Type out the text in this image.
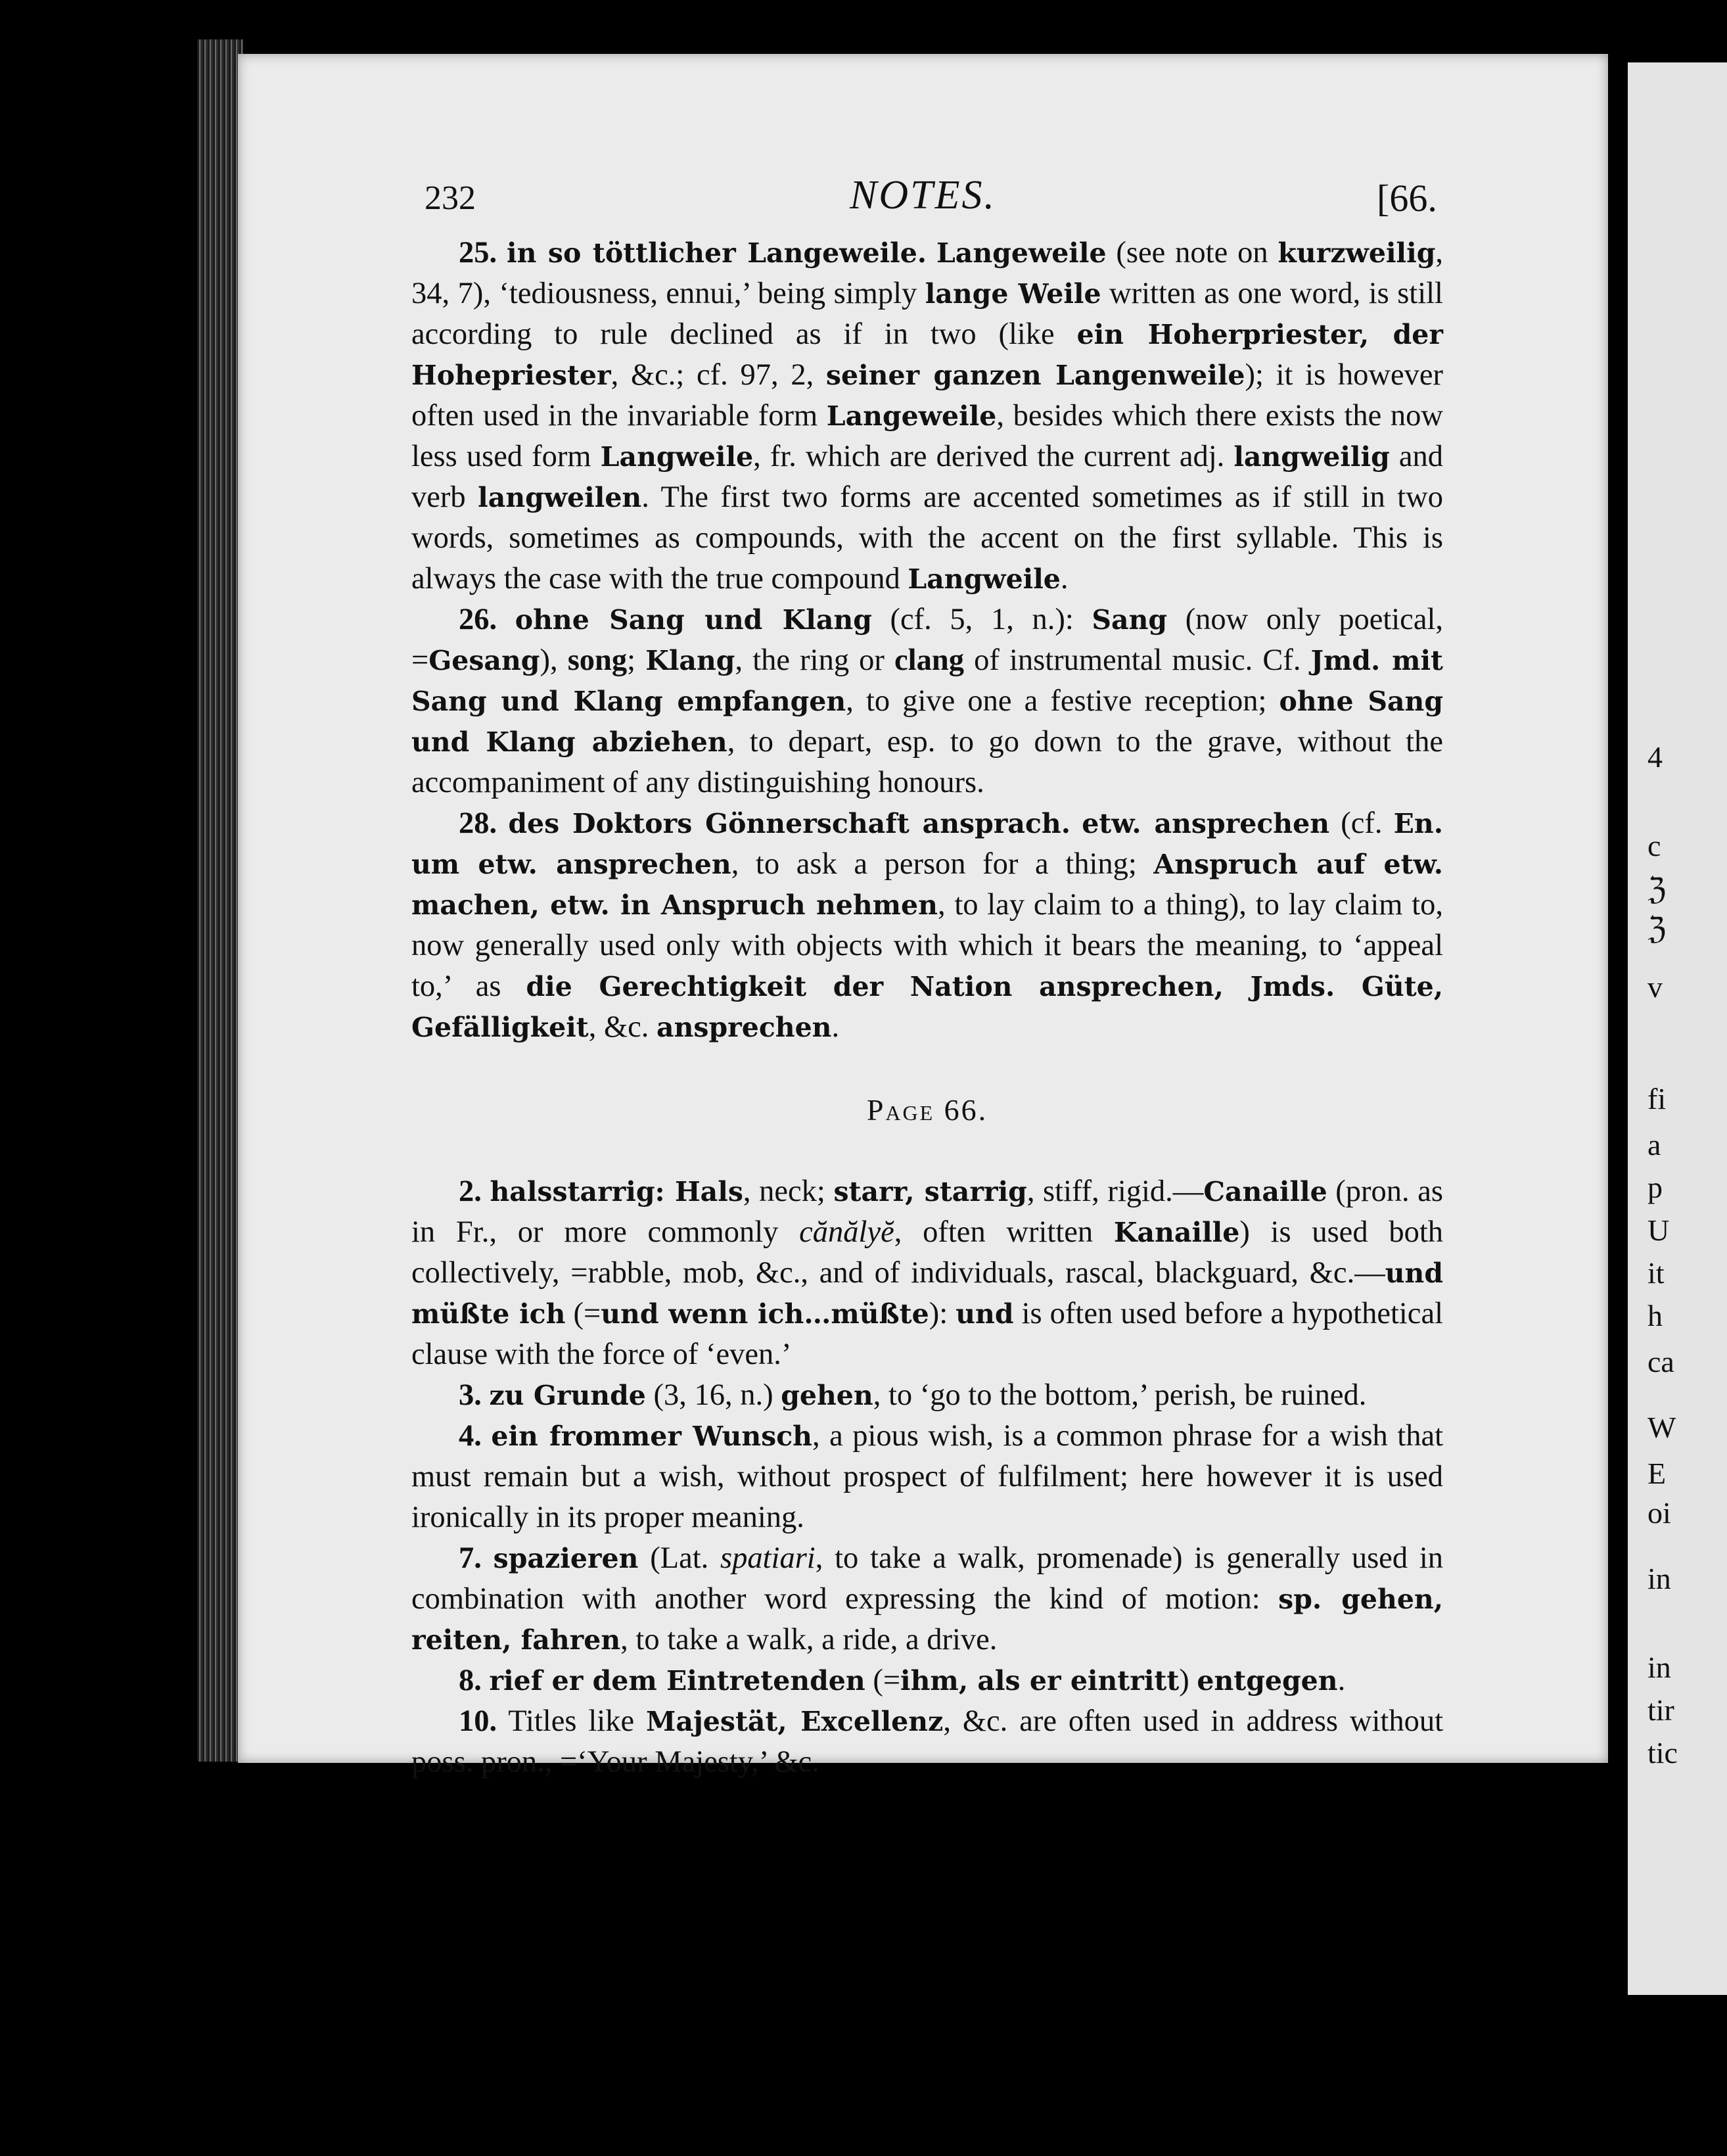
232	NOTES.	[66.

25. in so töttlicher Langeweile. Langeweile (see note on kurzweilig, 34, 7), ‘tediousness, ennui,’ being simply lange Weile written as one word, is still according to rule declined as if in two (like ein Hoherpriester, der Hohepriester, &c.; cf. 97, 2, seiner ganzen Langenweile); it is however often used in the invariable form Langeweile, besides which there exists the now less used form Langweile, fr. which are derived the current adj. langweilig and verb langweilen. The first two forms are accented sometimes as if still in two words, sometimes as compounds, with the accent on the first syllable. This is always the case with the true compound Langweile.

26. ohne Sang und Klang (cf. 5, 1, n.): Sang (now only poetical, =Gesang), song; Klang, the ring or clang of instrumental music. Cf. Jmd. mit Sang und Klang empfangen, to give one a festive reception; ohne Sang und Klang abziehen, to depart, esp. to go down to the grave, without the accompaniment of any distinguishing honours.

28. des Doktors Gönnerschaft ansprach. etw. ansprechen (cf. En. um etw. ansprechen, to ask a person for a thing; Anspruch auf etw. machen, etw. in Anspruch nehmen, to lay claim to a thing), to lay claim to, now generally used only with objects with which it bears the meaning, to ‘appeal to,’ as die Gerechtigkeit der Nation ansprechen, Jmds. Güte, Gefälligkeit, &c. ansprechen.

Page 66.

2. halsstarrig: Hals, neck; starr, starrig, stiff, rigid.—Canaille (pron. as in Fr., or more commonly cănălyĕ, often written Kanaille) is used both collectively, =rabble, mob, &c., and of individuals, rascal, blackguard, &c.—und müßte ich (=und wenn ich…müßte): und is often used before a hypothetical clause with the force of ‘even.’

3. zu Grunde (3, 16, n.) gehen, to ‘go to the bottom,’ perish, be ruined.

4. ein frommer Wunsch, a pious wish, is a common phrase for a wish that must remain but a wish, without prospect of fulfilment; here however it is used ironically in its proper meaning.

7. spazieren (Lat. spatiari, to take a walk, promenade) is generally used in combination with another word expressing the kind of motion: sp. gehen, reiten, fahren, to take a walk, a ride, a drive.

8. rief er dem Eintretenden (=ihm, als er eintritt) entgegen.

10. Titles like Majestät, Excellenz, &c. are often used in address without poss. pron., =‘Your Majesty,’ &c.

4
c
ℨ
ℨ
v
fi
a
p
U
it
h
ca
W
E
oi
in
in
tir
tic
